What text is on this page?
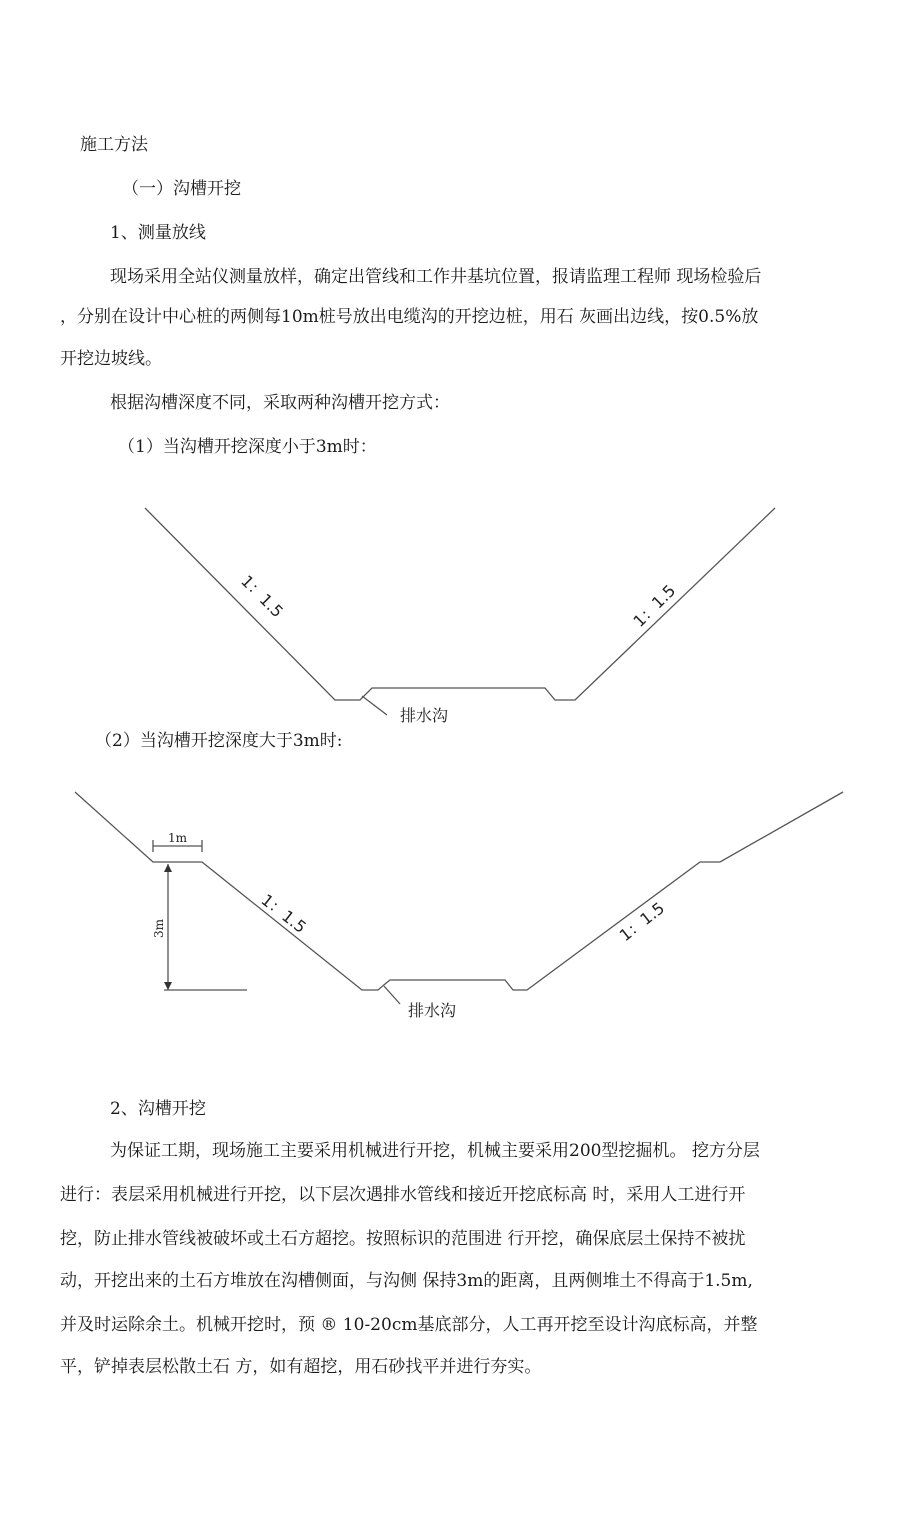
施工方法
（一）沟槽开挖
1、测量放线
现场采用全站仪测量放样，确定出管线和工作井基坑位置，报请监理工程师 现场检验后
，分别在设计中心桩的两侧每10m桩号放出电缆沟的开挖边桩，用石 灰画出边线，按0.5%放
开挖边坡线。
根据沟槽深度不同，采取两种沟槽开挖方式：
（1）当沟槽开挖深度小于3m时：
1：1.5	1：1.5
排水沟
（2）当沟槽开挖深度大于3m时:
1m
3m	1：1.5	1：1.5
排水沟
2、沟槽开挖
为保证工期，现场施工主要采用机械进行开挖，机械主要采用200型挖掘机。 挖方分层
进行：表层采用机械进行开挖，以下层次遇排水管线和接近开挖底标高 时，采用人工进行开
挖，防止排水管线被破坏或土石方超挖。按照标识的范围进 行开挖，确保底层土保持不被扰
动，开挖出来的土石方堆放在沟槽侧面，与沟侧 保持3m的距离，且两侧堆土不得高于1.5m,
并及时运除余土。机械开挖时，预 ® 10-20cm基底部分，人工再开挖至设计沟底标高，并整
平，铲掉表层松散土石 方，如有超挖，用石砂找平并进行夯实。
